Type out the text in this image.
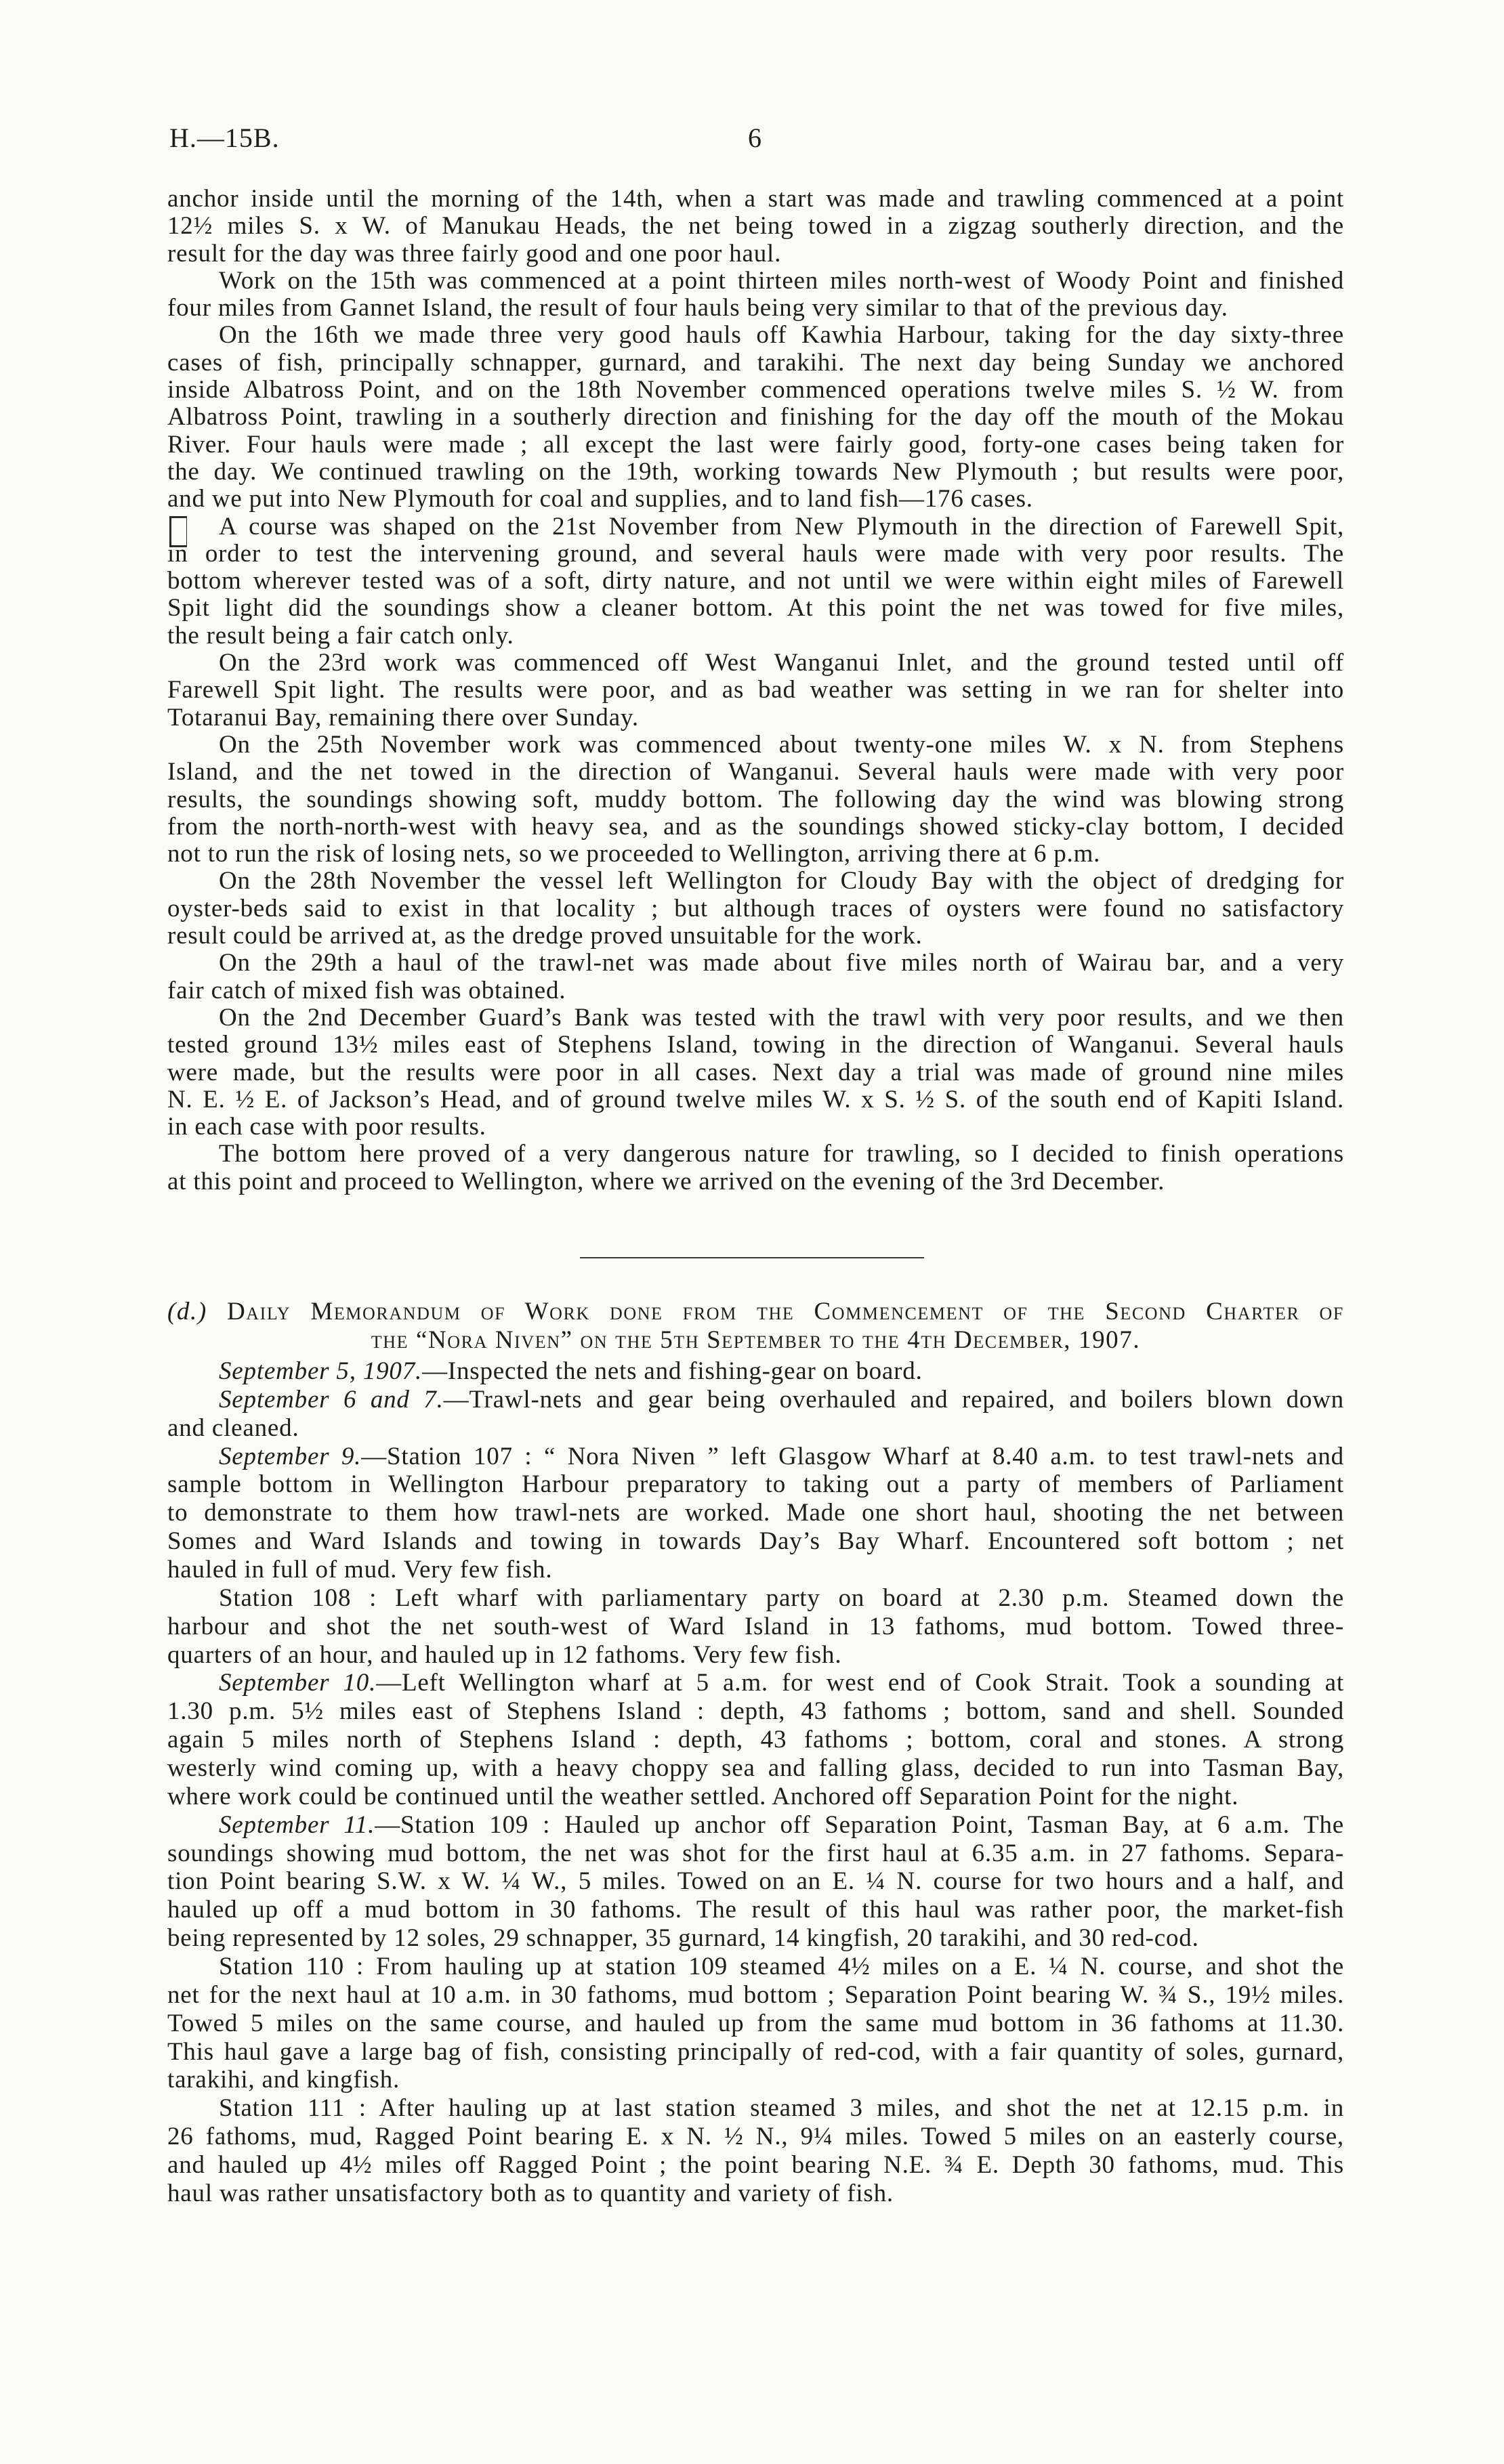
H.—15B.	6
anchor inside until the morning of the 14th, when a start was made and trawling commenced at a point
12½ miles S. x W. of Manukau Heads, the net being towed in a zigzag southerly direction, and the
result for the day was three fairly good and one poor haul.
Work on the 15th was commenced at a point thirteen miles north-west of Woody Point and finished
four miles from Gannet Island, the result of four hauls being very similar to that of the previous day.
On the 16th we made three very good hauls off Kawhia Harbour, taking for the day sixty-three
cases of fish, principally schnapper, gurnard, and tarakihi. The next day being Sunday we anchored
inside Albatross Point, and on the 18th November commenced operations twelve miles S. ½ W. from
Albatross Point, trawling in a southerly direction and finishing for the day off the mouth of the Mokau
River. Four hauls were made ; all except the last were fairly good, forty-one cases being taken for
the day. We continued trawling on the 19th, working towards New Plymouth ; but results were poor,
and we put into New Plymouth for coal and supplies, and to land fish—176 cases.
A course was shaped on the 21st November from New Plymouth in the direction of Farewell Spit,
in order to test the intervening ground, and several hauls were made with very poor results. The
bottom wherever tested was of a soft, dirty nature, and not until we were within eight miles of Farewell
Spit light did the soundings show a cleaner bottom. At this point the net was towed for five miles,
the result being a fair catch only.
On the 23rd work was commenced off West Wanganui Inlet, and the ground tested until off
Farewell Spit light. The results were poor, and as bad weather was setting in we ran for shelter into
Totaranui Bay, remaining there over Sunday.
On the 25th November work was commenced about twenty-one miles W. x N. from Stephens
Island, and the net towed in the direction of Wanganui. Several hauls were made with very poor
results, the soundings showing soft, muddy bottom. The following day the wind was blowing strong
from the north-north-west with heavy sea, and as the soundings showed sticky-clay bottom, I decided
not to run the risk of losing nets, so we proceeded to Wellington, arriving there at 6 p.m.
On the 28th November the vessel left Wellington for Cloudy Bay with the object of dredging for
oyster-beds said to exist in that locality ; but although traces of oysters were found no satisfactory
result could be arrived at, as the dredge proved unsuitable for the work.
On the 29th a haul of the trawl-net was made about five miles north of Wairau bar, and a very
fair catch of mixed fish was obtained.
On the 2nd December Guard’s Bank was tested with the trawl with very poor results, and we then
tested ground 13½ miles east of Stephens Island, towing in the direction of Wanganui. Several hauls
were made, but the results were poor in all cases. Next day a trial was made of ground nine miles
N. E. ½ E. of Jackson’s Head, and of ground twelve miles W. x S. ½ S. of the south end of Kapiti Island.
in each case with poor results.
The bottom here proved of a very dangerous nature for trawling, so I decided to finish operations
at this point and proceed to Wellington, where we arrived on the evening of the 3rd December.
(d.) Daily Memorandum of Work done from the Commencement of the Second Charter of
the “Nora Niven” on the 5th September to the 4th December, 1907.
September 5, 1907.—Inspected the nets and fishing-gear on board.
September 6 and 7.—Trawl-nets and gear being overhauled and repaired, and boilers blown down
and cleaned.
September 9.—Station 107 : “ Nora Niven ” left Glasgow Wharf at 8.40 a.m. to test trawl-nets and
sample bottom in Wellington Harbour preparatory to taking out a party of members of Parliament
to demonstrate to them how trawl-nets are worked. Made one short haul, shooting the net between
Somes and Ward Islands and towing in towards Day’s Bay Wharf. Encountered soft bottom ; net
hauled in full of mud. Very few fish.
Station 108 : Left wharf with parliamentary party on board at 2.30 p.m. Steamed down the
harbour and shot the net south-west of Ward Island in 13 fathoms, mud bottom. Towed three-
quarters of an hour, and hauled up in 12 fathoms. Very few fish.
September 10.—Left Wellington wharf at 5 a.m. for west end of Cook Strait. Took a sounding at
1.30 p.m. 5½ miles east of Stephens Island : depth, 43 fathoms ; bottom, sand and shell. Sounded
again 5 miles north of Stephens Island : depth, 43 fathoms ; bottom, coral and stones. A strong
westerly wind coming up, with a heavy choppy sea and falling glass, decided to run into Tasman Bay,
where work could be continued until the weather settled. Anchored off Separation Point for the night.
September 11.—Station 109 : Hauled up anchor off Separation Point, Tasman Bay, at 6 a.m. The
soundings showing mud bottom, the net was shot for the first haul at 6.35 a.m. in 27 fathoms. Separa-
tion Point bearing S.W. x W. ¼ W., 5 miles. Towed on an E. ¼ N. course for two hours and a half, and
hauled up off a mud bottom in 30 fathoms. The result of this haul was rather poor, the market-fish
being represented by 12 soles, 29 schnapper, 35 gurnard, 14 kingfish, 20 tarakihi, and 30 red-cod.
Station 110 : From hauling up at station 109 steamed 4½ miles on a E. ¼ N. course, and shot the
net for the next haul at 10 a.m. in 30 fathoms, mud bottom ; Separation Point bearing W. ¾ S., 19½ miles.
Towed 5 miles on the same course, and hauled up from the same mud bottom in 36 fathoms at 11.30.
This haul gave a large bag of fish, consisting principally of red-cod, with a fair quantity of soles, gurnard,
tarakihi, and kingfish.
Station 111 : After hauling up at last station steamed 3 miles, and shot the net at 12.15 p.m. in
26 fathoms, mud, Ragged Point bearing E. x N. ½ N., 9¼ miles. Towed 5 miles on an easterly course,
and hauled up 4½ miles off Ragged Point ; the point bearing N.E. ¾ E. Depth 30 fathoms, mud. This
haul was rather unsatisfactory both as to quantity and variety of fish.
